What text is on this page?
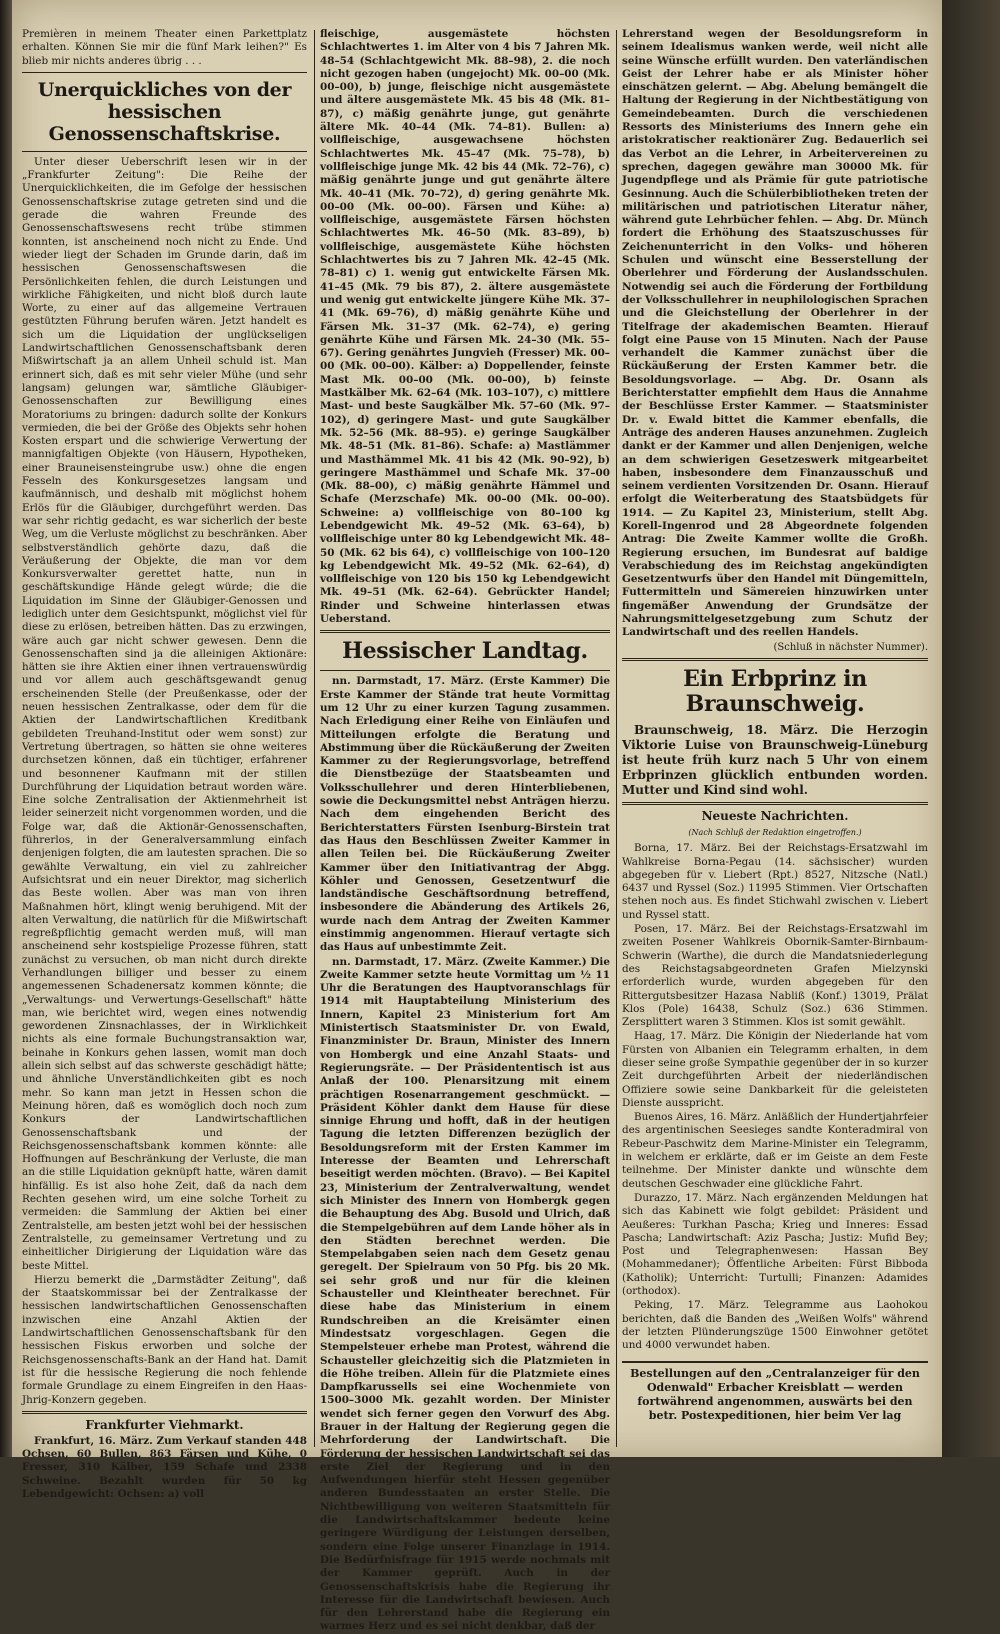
Premièren in meinem Theater einen Parkettplatz erhalten. Können Sie mir die fünf Mark leihen?" Es blieb mir nichts anderes übrig . . .

Unerquickliches von der hessischen Genossenschaftskrise.

Unter dieser Ueberschrift lesen wir in der „Frankfurter Zeitung": Die Reihe der Unerquicklichkeiten, die im Gefolge der hessischen Genossenschaftskrise zutage getreten sind und die gerade die wahren Freunde des Genossenschaftswesens recht trübe stimmen konnten, ist anscheinend noch nicht zu Ende. Und wieder liegt der Schaden im Grunde darin, daß im hessischen Genossenschaftswesen die Persönlichkeiten fehlen, die durch Leistungen und wirkliche Fähigkeiten, und nicht bloß durch laute Worte, zu einer auf das allgemeine Vertrauen gestützten Führung berufen wären. Jetzt handelt es sich um die Liquidation der unglückseligen Landwirtschaftlichen Genossenschaftsbank deren Mißwirtschaft ja an allem Unheil schuld ist. Man erinnert sich, daß es mit sehr vieler Mühe (und sehr langsam) gelungen war, sämtliche Gläubiger-Genossenschaften zur Bewilligung eines Moratoriums zu bringen: dadurch sollte der Konkurs vermieden, die bei der Größe des Objekts sehr hohen Kosten erspart und die schwierige Verwertung der mannigfaltigen Objekte (von Häusern, Hypotheken, einer Brauneisensteingrube usw.) ohne die engen Fesseln des Konkursgesetzes langsam und kaufmännisch, und deshalb mit möglichst hohem Erlös für die Gläubiger, durchgeführt werden. Das war sehr richtig gedacht, es war sicherlich der beste Weg, um die Verluste möglichst zu beschränken. Aber selbstverständlich gehörte dazu, daß die Veräußerung der Objekte, die man vor dem Konkursverwalter gerettet hatte, nun in geschäftskundige Hände gelegt würde; die die Liquidation im Sinne der Gläubiger-Genossen und lediglich unter dem Gesichtspunkt, möglichst viel für diese zu erlösen, betreiben hätten. Das zu erzwingen, wäre auch gar nicht schwer gewesen. Denn die Genossenschaften sind ja die alleinigen Aktionäre: hätten sie ihre Aktien einer ihnen vertrauenswürdig und vor allem auch geschäftsgewandt genug erscheinenden Stelle (der Preußenkasse, oder der neuen hessischen Zentralkasse, oder dem für die Aktien der Landwirtschaftlichen Kreditbank gebildeten Treuhand-Institut oder wem sonst) zur Vertretung übertragen, so hätten sie ohne weiteres durchsetzen können, daß ein tüchtiger, erfahrener und besonnener Kaufmann mit der stillen Durchführung der Liquidation betraut worden wäre. Eine solche Zentralisation der Aktienmehrheit ist leider seinerzeit nicht vorgenommen worden, und die Folge war, daß die Aktionär-Genossenschaften, führerlos, in der Generalversammlung einfach denjenigen folgten, die am lautesten sprachen. Die so gewählte Verwaltung, ein viel zu zahlreicher Aufsichtsrat und ein neuer Direktor, mag sicherlich das Beste wollen. Aber was man von ihren Maßnahmen hört, klingt wenig beruhigend. Mit der alten Verwaltung, die natürlich für die Mißwirtschaft regreßpflichtig gemacht werden muß, will man anscheinend sehr kostspielige Prozesse führen, statt zunächst zu versuchen, ob man nicht durch direkte Verhandlungen billiger und besser zu einem angemessenen Schadenersatz kommen könnte; die „Verwaltungs- und Verwertungs-Gesellschaft" hätte man, wie berichtet wird, wegen eines notwendig gewordenen Zinsnachlasses, der in Wirklichkeit nichts als eine formale Buchungstransaktion war, beinahe in Konkurs gehen lassen, womit man doch allein sich selbst auf das schwerste geschädigt hätte; und ähnliche Unverständlichkeiten gibt es noch mehr. So kann man jetzt in Hessen schon die Meinung hören, daß es womöglich doch noch zum Konkurs der Landwirtschaftlichen Genossenschaftsbank und der Reichsgenossenschaftsbank kommen könnte: alle Hoffnungen auf Beschränkung der Verluste, die man an die stille Liquidation geknüpft hatte, wären damit hinfällig. Es ist also hohe Zeit, daß da nach dem Rechten gesehen wird, um eine solche Torheit zu vermeiden: die Sammlung der Aktien bei einer Zentralstelle, am besten jetzt wohl bei der hessischen Zentralstelle, zu gemeinsamer Vertretung und zu einheitlicher Dirigierung der Liquidation wäre das beste Mittel.

Hierzu bemerkt die „Darmstädter Zeitung", daß der Staatskommissar bei der Zentralkasse der hessischen landwirtschaftlichen Genossenschaften inzwischen eine Anzahl Aktien der Landwirtschaftlichen Genossenschaftsbank für den hessischen Fiskus erworben und solche der Reichsgenossenschafts-Bank an der Hand hat. Damit ist für die hessische Regierung die noch fehlende formale Grundlage zu einem Eingreifen in den Haas-Jhrig-Konzern gegeben.

Frankfurter Viehmarkt.

Frankfurt, 16. März. Zum Verkauf standen 448 Ochsen, 60 Bullen, 863 Färsen und Kühe, 0 Fresser, 310 Kälber, 159 Schafe und 2338 Schweine. Bezahlt wurden für 50 kg Lebendgewicht: Ochsen: a) voll

fleischige, ausgemästete höchsten Schlachtwertes 1. im Alter von 4 bis 7 Jahren Mk. 48–54 (Schlachtgewicht Mk. 88–98), 2. die noch nicht gezogen haben (ungejocht) Mk. 00–00 (Mk. 00–00), b) junge, fleischige nicht ausgemästete und ältere ausgemästete Mk. 45 bis 48 (Mk. 81–87), c) mäßig genährte junge, gut genährte ältere Mk. 40–44 (Mk. 74–81). Bullen: a) vollfleischige, ausgewachsene höchsten Schlachtwertes Mk. 45–47 (Mk. 75–78), b) vollfleischige junge Mk. 42 bis 44 (Mk. 72–76), c) mäßig genährte junge und gut genährte ältere Mk. 40–41 (Mk. 70–72), d) gering genährte Mk. 00–00 (Mk. 00–00). Färsen und Kühe: a) vollfleischige, ausgemästete Färsen höchsten Schlachtwertes Mk. 46–50 (Mk. 83–89), b) vollfleischige, ausgemästete Kühe höchsten Schlachtwertes bis zu 7 Jahren Mk. 42–45 (Mk. 78–81) c) 1. wenig gut entwickelte Färsen Mk. 41–45 (Mk. 79 bis 87), 2. ältere ausgemästete und wenig gut entwickelte jüngere Kühe Mk. 37–41 (Mk. 69–76), d) mäßig genährte Kühe und Färsen Mk. 31–37 (Mk. 62–74), e) gering genährte Kühe und Färsen Mk. 24–30 (Mk. 55–67). Gering genährtes Jungvieh (Fresser) Mk. 00–00 (Mk. 00–00). Kälber: a) Doppellender, feinste Mast Mk. 00–00 (Mk. 00–00), b) feinste Mastkälber Mk. 62–64 (Mk. 103–107), c) mittlere Mast- und beste Saugkälber Mk. 57–60 (Mk. 97–102), d) geringere Mast- und gute Saugkälber Mk. 52–56 (Mk. 88–95). e) geringe Saugkälber Mk. 48–51 (Mk. 81–86). Schafe: a) Mastlämmer und Masthämmel Mk. 41 bis 42 (Mk. 90–92), b) geringere Masthämmel und Schafe Mk. 37–00 (Mk. 88–00), c) mäßig genährte Hämmel und Schafe (Merzschafe) Mk. 00–00 (Mk. 00–00). Schweine: a) vollfleischige von 80–100 kg Lebendgewicht Mk. 49–52 (Mk. 63–64), b) vollfleischige unter 80 kg Lebendgewicht Mk. 48–50 (Mk. 62 bis 64), c) vollfleischige von 100–120 kg Lebendgewicht Mk. 49–52 (Mk. 62–64), d) vollfleischige von 120 bis 150 kg Lebendgewicht Mk. 49–51 (Mk. 62–64). Gebrückter Handel; Rinder und Schweine hinterlassen etwas Ueberstand.

Hessischer Landtag.

nn. Darmstadt, 17. März. (Erste Kammer) Die Erste Kammer der Stände trat heute Vormittag um 12 Uhr zu einer kurzen Tagung zusammen. Nach Erledigung einer Reihe von Einläufen und Mitteilungen erfolgte die Beratung und Abstimmung über die Rückäußerung der Zweiten Kammer zu der Regierungsvorlage, betreffend die Dienstbezüge der Staatsbeamten und Volksschullehrer und deren Hinterbliebenen, sowie die Deckungsmittel nebst Anträgen hierzu. Nach dem eingehenden Bericht des Berichterstatters Fürsten Isenburg-Birstein trat das Haus den Beschlüssen Zweiter Kammer in allen Teilen bei. Die Rückäußerung Zweiter Kammer über den Initiativantrag der Abgg. Köhler und Genossen, Gesetzentwurf die landständische Geschäftsordnung betreffend, insbesondere die Abänderung des Artikels 26, wurde nach dem Antrag der Zweiten Kammer einstimmig angenommen. Hierauf vertagte sich das Haus auf unbestimmte Zeit.

nn. Darmstadt, 17. März. (Zweite Kammer.) Die Zweite Kammer setzte heute Vormittag um ½ 11 Uhr die Beratungen des Hauptvoranschlags für 1914 mit Hauptabteilung Ministerium des Innern, Kapitel 23 Ministerium fort Am Ministertisch Staatsminister Dr. von Ewald, Finanzminister Dr. Braun, Minister des Innern von Hombergk und eine Anzahl Staats- und Regierungsräte. — Der Präsidententisch ist aus Anlaß der 100. Plenarsitzung mit einem prächtigen Rosenarrangement geschmückt. — Präsident Köhler dankt dem Hause für diese sinnige Ehrung und hofft, daß in der heutigen Tagung die letzten Differenzen bezüglich der Besoldungsreform mit der Ersten Kammer im Interesse der Beamten und Lehrerschaft beseitigt werden möchten. (Bravo). — Bei Kapitel 23, Ministerium der Zentralverwaltung, wendet sich Minister des Innern von Hombergk gegen die Behauptung des Abg. Busold und Ulrich, daß die Stempelgebühren auf dem Lande höher als in den Städten berechnet werden. Die Stempelabgaben seien nach dem Gesetz genau geregelt. Der Spielraum von 50 Pfg. bis 20 Mk. sei sehr groß und nur für die kleinen Schausteller und Kleintheater berechnet. Für diese habe das Ministerium in einem Rundschreiben an die Kreisämter einen Mindestsatz vorgeschlagen. Gegen die Stempelsteuer erhebe man Protest, während die Schausteller gleichzeitig sich die Platzmieten in die Höhe treiben. Allein für die Platzmiete eines Dampfkarussells sei eine Wochenmiete von 1500–3000 Mk. gezahlt worden. Der Minister wendet sich ferner gegen den Vorwurf des Abg. Brauer in der Haltung der Regierung gegen die Mehrforderung der Landwirtschaft. Die Förderung der hessischen Landwirtschaft sei das erste Ziel der Regierung und in den Aufwendungen hierfür steht Hessen gegenüber anderen Bundesstaaten an erster Stelle. Die Nichtbewilligung von weiteren Staatsmitteln für die Landwirtschaftskammer bedeute keine geringere Würdigung der Leistungen derselben, sondern eine Folge unserer Finanzlage in 1914. Die Bedürfnisfrage für 1915 werde nochmals mit der Kammer geprüft. Auch in der Genossenschaftskrisis habe die Regierung ihr Interesse für die Landwirtschaft bewiesen. Auch für den Lehrerstand habe die Regierung ein warmes Herz und es sei nicht denkbar, daß der

Lehrerstand wegen der Besoldungsreform in seinem Idealismus wanken werde, weil nicht alle seine Wünsche erfüllt wurden. Den vaterländischen Geist der Lehrer habe er als Minister höher einschätzen gelernt. — Abg. Abelung bemängelt die Haltung der Regierung in der Nichtbestätigung von Gemeindebeamten. Durch die verschiedenen Ressorts des Ministeriums des Innern gehe ein aristokratischer reaktionärer Zug. Bedauerlich sei das Verbot an die Lehrer, in Arbeitervereinen zu sprechen, dagegen gewähre man 30000 Mk. für Jugendpflege und als Prämie für gute patriotische Gesinnung. Auch die Schülerbibliotheken treten der militärischen und patriotischen Literatur näher, während gute Lehrbücher fehlen. — Abg. Dr. Münch fordert die Erhöhung des Staatszuschusses für Zeichenunterricht in den Volks- und höheren Schulen und wünscht eine Besserstellung der Oberlehrer und Förderung der Auslandsschulen. Notwendig sei auch die Förderung der Fortbildung der Volksschullehrer in neuphilologischen Sprachen und die Gleichstellung der Oberlehrer in der Titelfrage der akademischen Beamten. Hierauf folgt eine Pause von 15 Minuten. Nach der Pause verhandelt die Kammer zunächst über die Rückäußerung der Ersten Kammer betr. die Besoldungsvorlage. — Abg. Dr. Osann als Berichterstatter empfiehlt dem Haus die Annahme der Beschlüsse Erster Kammer. — Staatsminister Dr. v. Ewald bittet die Kammer ebenfalls, die Anträge des anderen Hauses anzunehmen. Zugleich dankt er der Kammer und allen Denjenigen, welche an dem schwierigen Gesetzeswerk mitgearbeitet haben, insbesondere dem Finanzausschuß und seinem verdienten Vorsitzenden Dr. Osann. Hierauf erfolgt die Weiterberatung des Staatsbüdgets für 1914. — Zu Kapitel 23, Ministerium, stellt Abg. Korell-Ingenrod und 28 Abgeordnete folgenden Antrag: Die Zweite Kammer wollte die Großh. Regierung ersuchen, im Bundesrat auf baldige Verabschiedung des im Reichstag angekündigten Gesetzentwurfs über den Handel mit Düngemitteln, Futtermitteln und Sämereien hinzuwirken unter fingemäßer Anwendung der Grundsätze der Nahrungsmittelgesetzgebung zum Schutz der Landwirtschaft und des reellen Handels.

(Schluß in nächster Nummer).

Ein Erbprinz in Braunschweig.

Braunschweig, 18. März. Die Herzogin Viktorie Luise von Braunschweig-Lüneburg ist heute früh kurz nach 5 Uhr von einem Erbprinzen glücklich entbunden worden. Mutter und Kind sind wohl.

Neueste Nachrichten.
(Nach Schluß der Redaktion eingetroffen.)

Borna, 17. März. Bei der Reichstags-Ersatzwahl im Wahlkreise Borna-Pegau (14. sächsischer) wurden abgegeben für v. Liebert (Rpt.) 8527, Nitzsche (Natl.) 6437 und Ryssel (Soz.) 11995 Stimmen. Vier Ortschaften stehen noch aus. Es findet Stichwahl zwischen v. Liebert und Ryssel statt.

Posen, 17. März. Bei der Reichstags-Ersatzwahl im zweiten Posener Wahlkreis Obornik-Samter-Birnbaum-Schwerin (Warthe), die durch die Mandatsniederlegung des Reichstagsabgeordneten Grafen Mielzynski erforderlich wurde, wurden abgegeben für den Rittergutsbesitzer Hazasa Nabliß (Konf.) 13019, Prälat Klos (Pole) 16438, Schulz (Soz.) 636 Stimmen. Zersplittert waren 3 Stimmen. Klos ist somit gewählt.

Haag, 17. März. Die Königin der Niederlande hat vom Fürsten von Albanien ein Telegramm erhalten, in dem dieser seine große Sympathie gegenüber der in so kurzer Zeit durchgeführten Arbeit der niederländischen Offiziere sowie seine Dankbarkeit für die geleisteten Dienste ausspricht.

Buenos Aires, 16. März. Anläßlich der Hundertjahrfeier des argentinischen Seesieges sandte Konteradmiral von Rebeur-Paschwitz dem Marine-Minister ein Telegramm, in welchem er erklärte, daß er im Geiste an dem Feste teilnehme. Der Minister dankte und wünschte dem deutschen Geschwader eine glückliche Fahrt.

Durazzo, 17. März. Nach ergänzenden Meldungen hat sich das Kabinett wie folgt gebildet: Präsident und Aeußeres: Turkhan Pascha; Krieg und Inneres: Essad Pascha; Landwirtschaft: Aziz Pascha; Justiz: Mufid Bey; Post und Telegraphenwesen: Hassan Bey (Mohammedaner); Öffentliche Arbeiten: Fürst Bibboda (Katholik); Unterricht: Turtulli; Finanzen: Adamides (orthodox).

Peking, 17. März. Telegramme aus Laohokou berichten, daß die Banden des „Weißen Wolfs" während der letzten Plünderungszüge 1500 Einwohner getötet und 4000 verwundet haben.

Bestellungen auf den „Centralanzeiger für den Odenwald" Erbacher Kreisblatt — werden fortwährend angenommen, auswärts bei den betr. Postexpeditionen, hier beim Ver lag
